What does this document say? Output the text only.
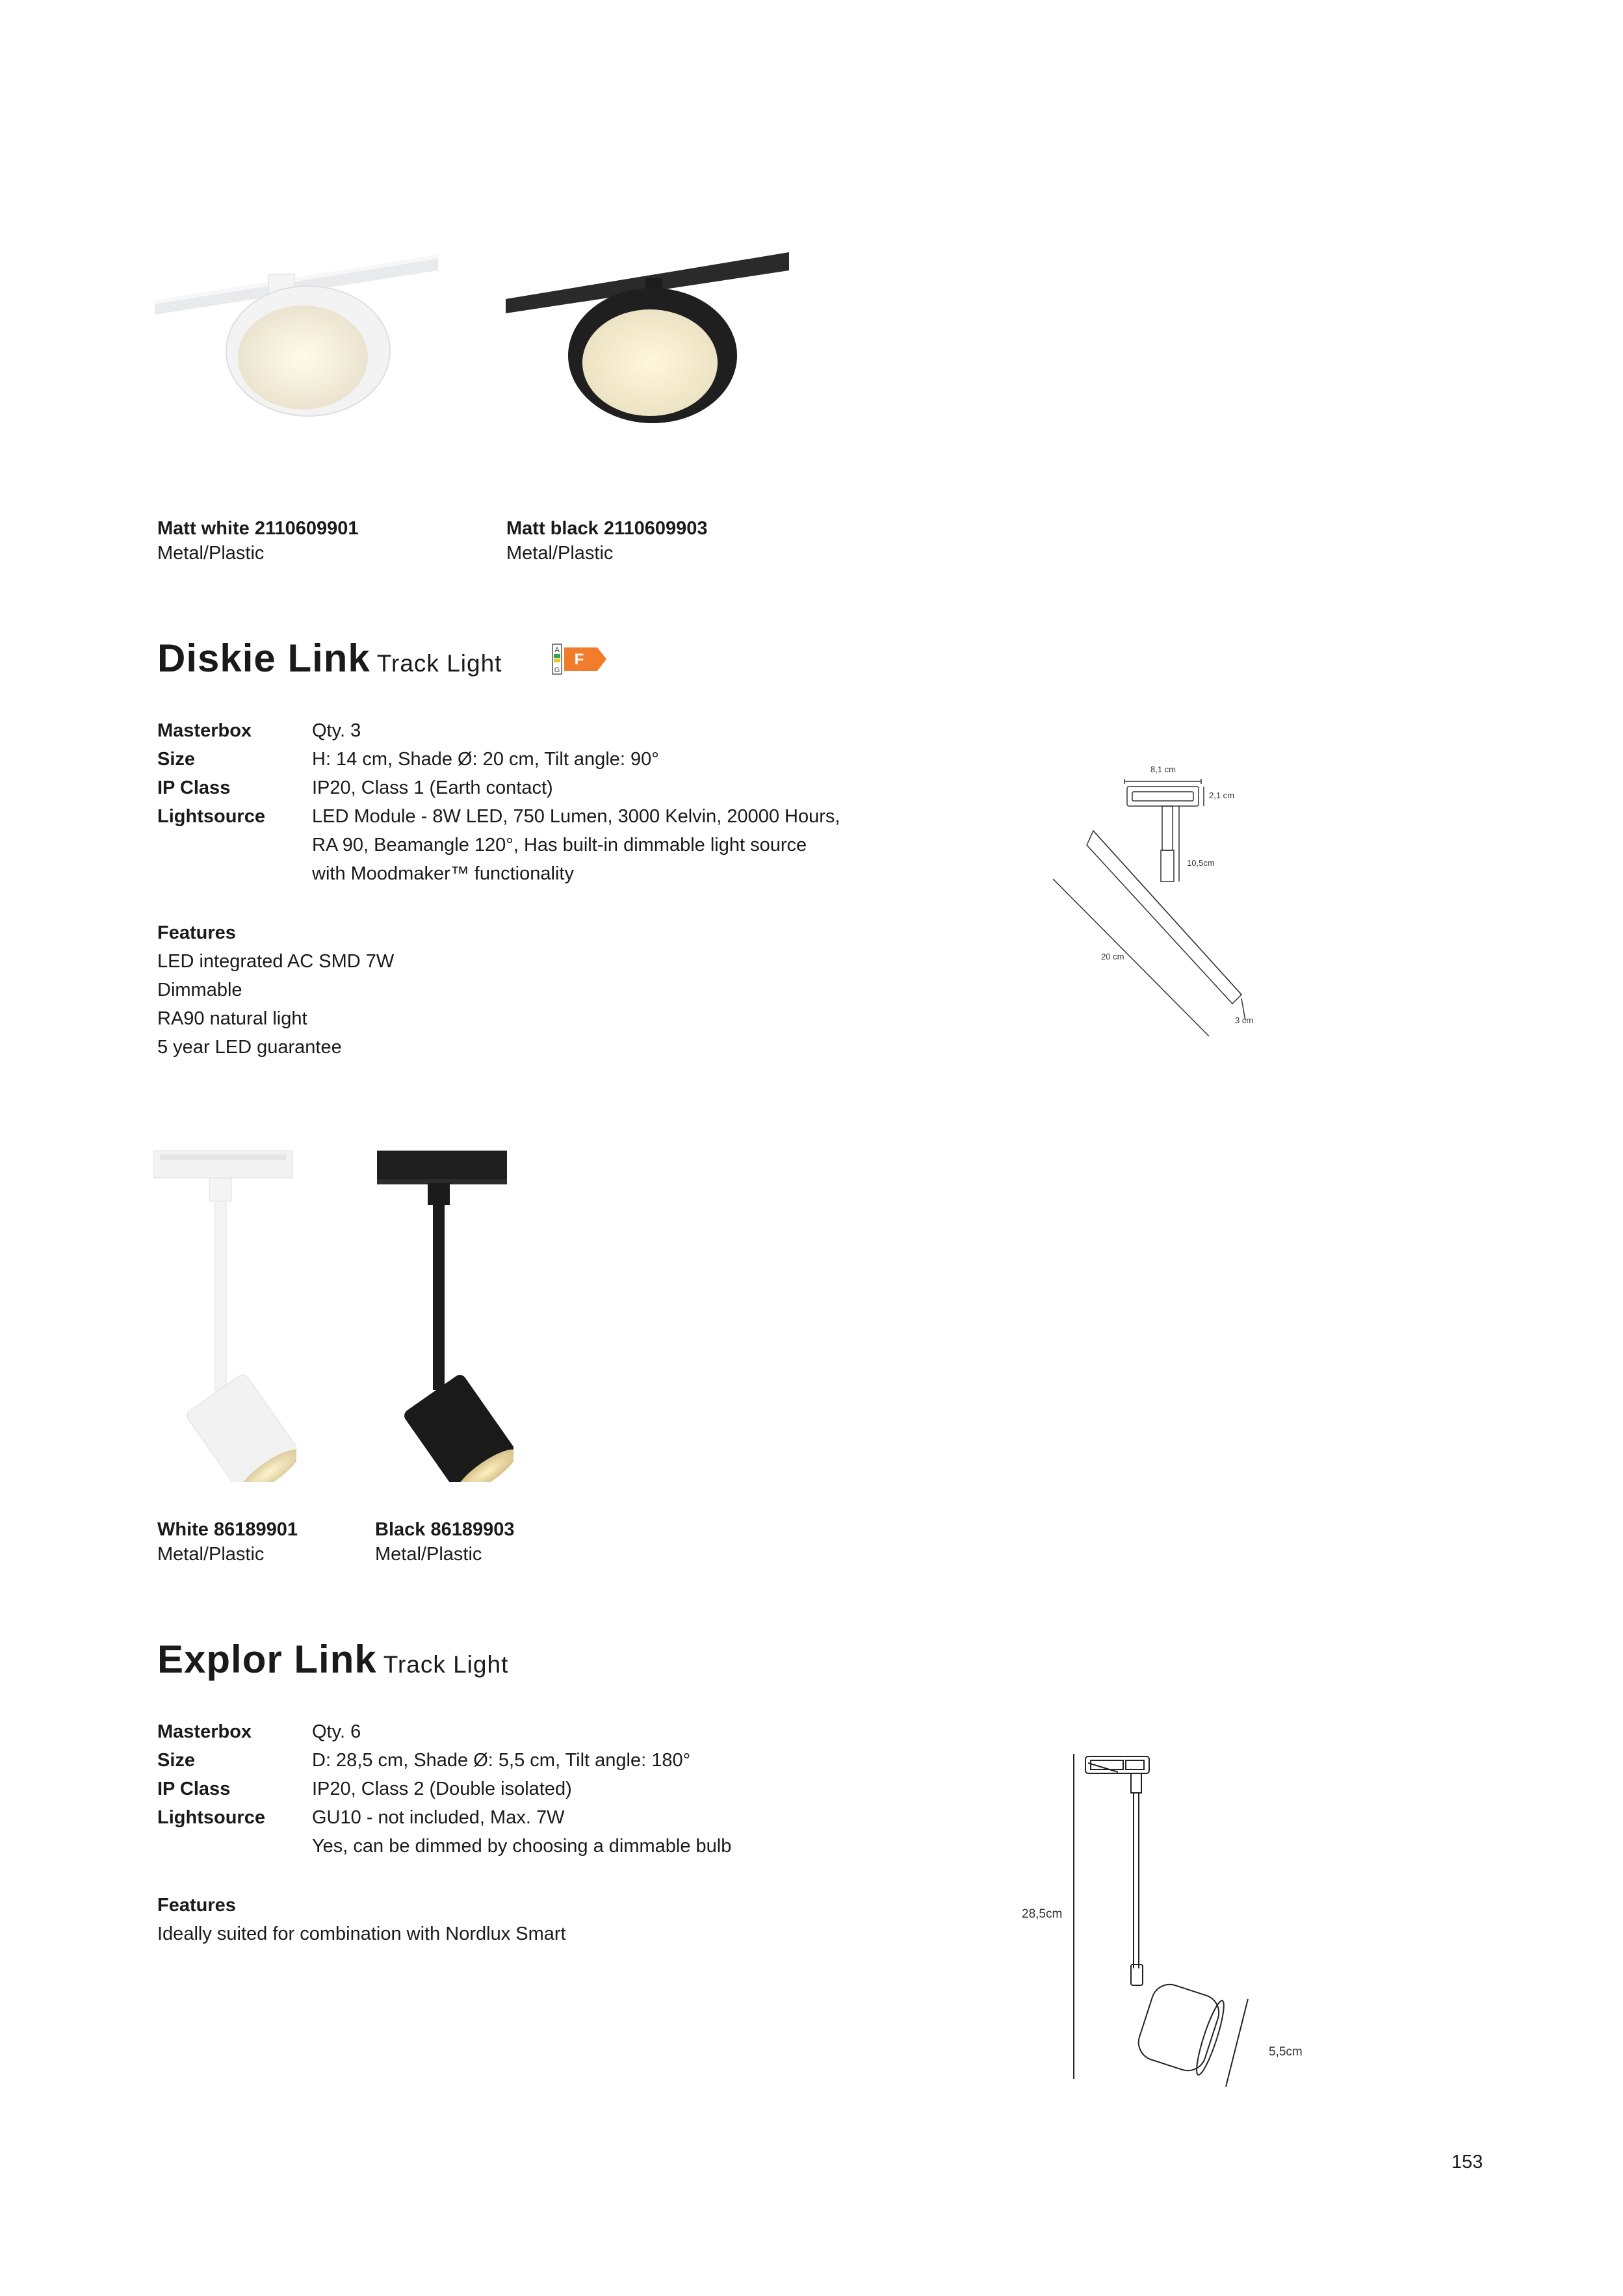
Matt white 2110609901
Metal/Plastic
Matt black 2110609903
Metal/Plastic
Diskie Link Track Light	A
G
F
Masterbox	Qty. 3
Size	H: 14 cm, Shade Ø: 20 cm, Tilt angle: 90°
IP Class	IP20, Class 1 (Earth contact)
Lightsource	LED Module - 8W LED, 750 Lumen, 3000 Kelvin, 20000 Hours,
RA 90, Beamangle 120°, Has built-in dimmable light source
with Moodmaker™ functionality
Features
LED integrated AC SMD 7W
Dimmable
RA90 natural light
5 year LED guarantee
8,1 cm
2,1 cm
10,5cm
20 cm
3 cm
White 86189901
Metal/Plastic
Black 86189903
Metal/Plastic
Explor Link Track Light
Masterbox	Qty. 6
Size	D: 28,5 cm, Shade Ø: 5,5 cm, Tilt angle: 180°
IP Class	IP20, Class 2 (Double isolated)
Lightsource	GU10 - not included, Max. 7W
Yes, can be dimmed by choosing a dimmable bulb
Features
Ideally suited for combination with Nordlux Smart
28,5cm
5,5cm
153
